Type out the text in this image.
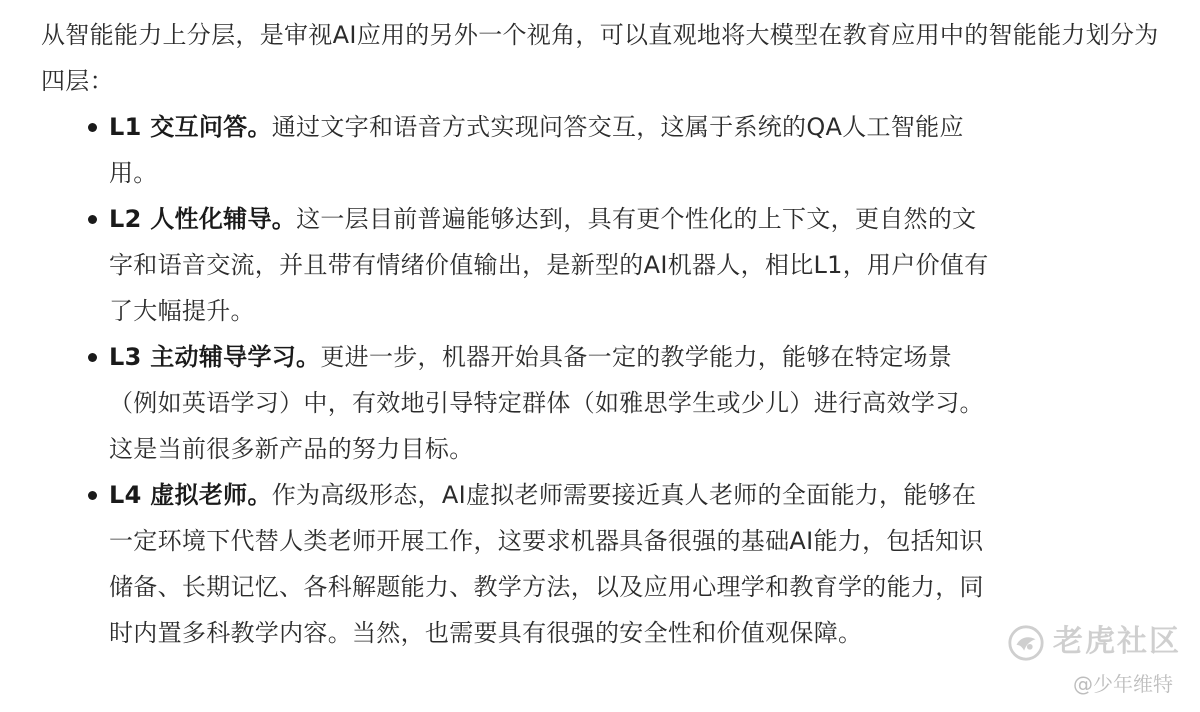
从智能能力上分层，是审视AI应用的另外一个视角，可以直观地将大模型在教育应用中的智能能力划分为四层：

L1 交互问答。通过文字和语音方式实现问答交互，这属于系统的QA人工智能应用。
L2 人性化辅导。这一层目前普遍能够达到，具有更个性化的上下文，更自然的文字和语音交流，并且带有情绪价值输出，是新型的AI机器人，相比L1，用户价值有了大幅提升。
L3 主动辅导学习。更进一步，机器开始具备一定的教学能力，能够在特定场景（例如英语学习）中，有效地引导特定群体（如雅思学生或少儿）进行高效学习。这是当前很多新产品的努力目标。
L4 虚拟老师。作为高级形态，AI虚拟老师需要接近真人老师的全面能力，能够在一定环境下代替人类老师开展工作，这要求机器具备很强的基础AI能力，包括知识储备、长期记忆、各科解题能力、教学方法，以及应用心理学和教育学的能力，同时内置多科教学内容。当然，也需要具有很强的安全性和价值观保障。	老虎社区
@少年维特
